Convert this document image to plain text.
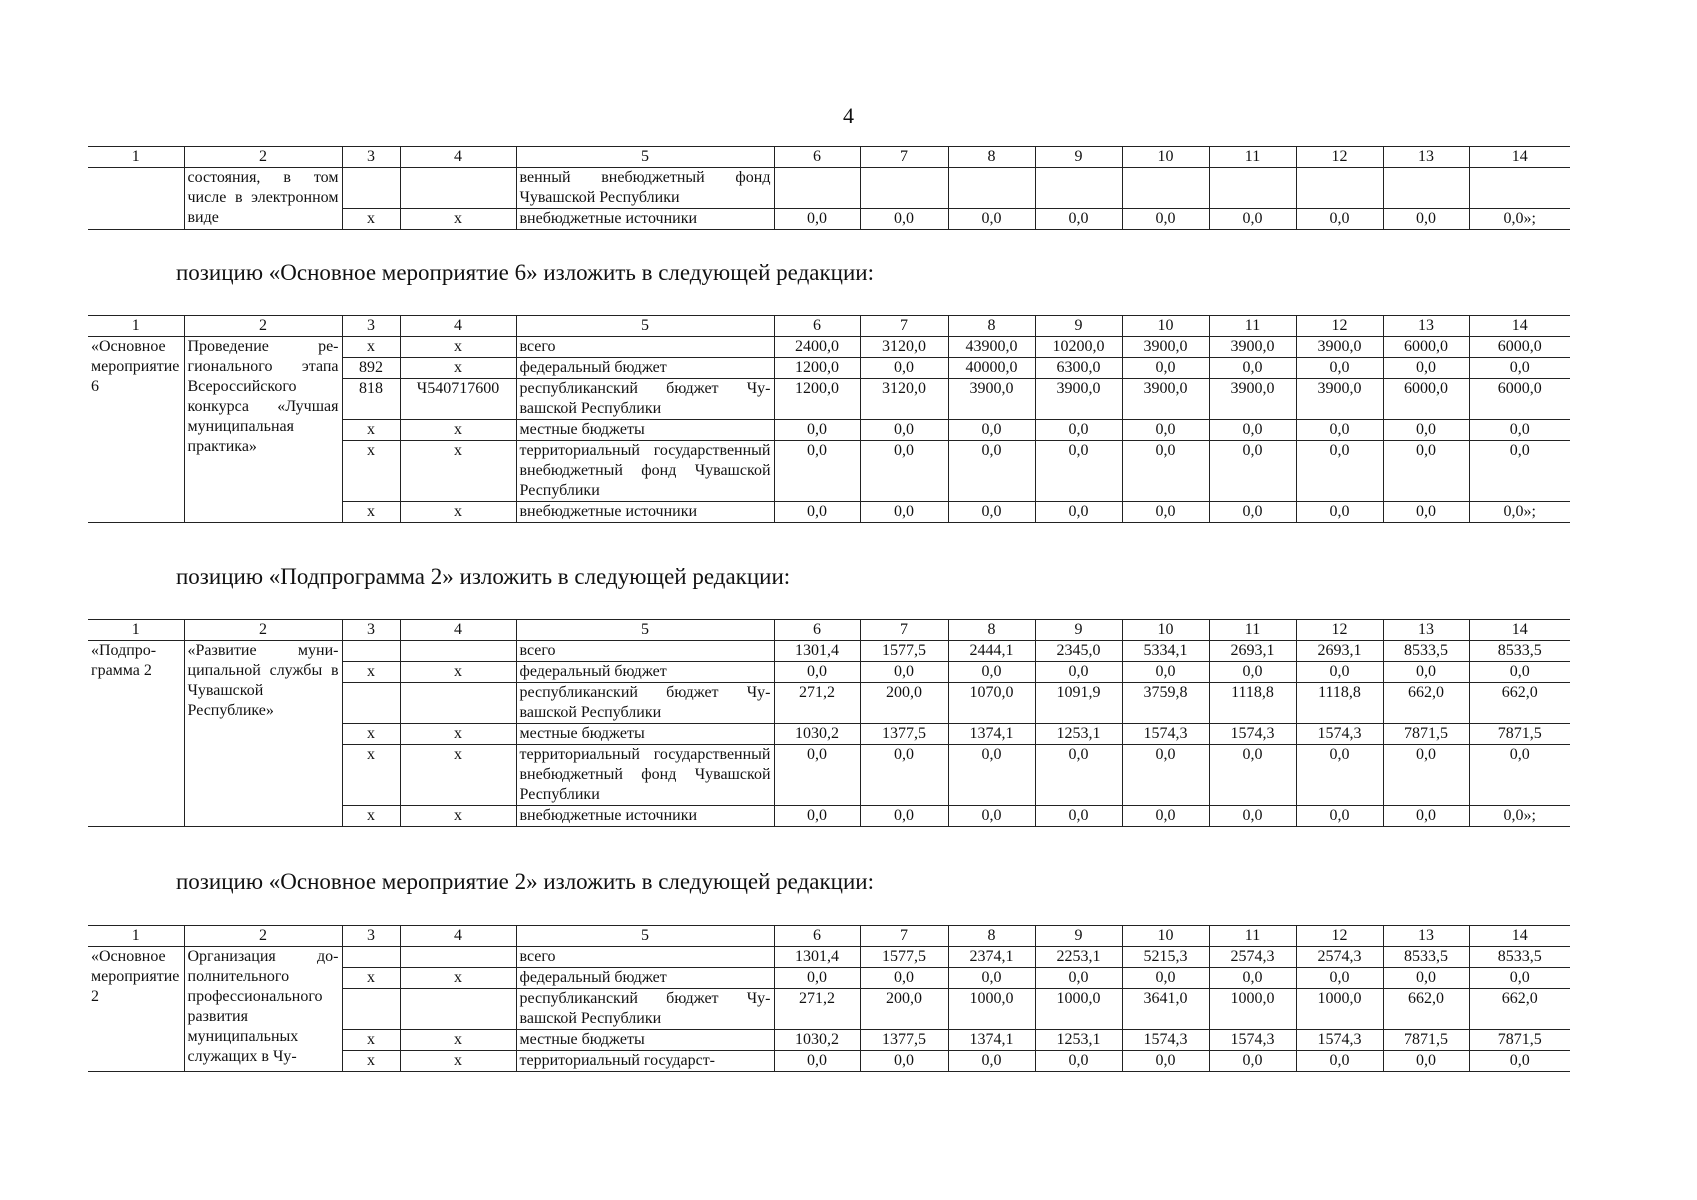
4
1	2	3	4	5	6	7	8	9	10	11	12	13	14
	состояния, в том числе в электронном виде			венный внебюджетный фонд Чувашской Республики									
		х	х	внебюджетные источники	0,0	0,0	0,0	0,0	0,0	0,0	0,0	0,0	0,0»;
позицию «Основное мероприятие 6» изложить в следующей редакции:
1	2	3	4	5	6	7	8	9	10	11	12	13	14
«Основное мероприятие 6	Проведение регионального этапа Всероссийского конкурса «Лучшая муниципальная практика»	х	х	всего	2400,0	3120,0	43900,0	10200,0	3900,0	3900,0	3900,0	6000,0	6000,0
		892	х	федеральный бюджет	1200,0	0,0	40000,0	6300,0	0,0	0,0	0,0	0,0	0,0
		818	Ч540717600	республиканский бюджет Чувашской Республики	1200,0	3120,0	3900,0	3900,0	3900,0	3900,0	3900,0	6000,0	6000,0
		х	х	местные бюджеты	0,0	0,0	0,0	0,0	0,0	0,0	0,0	0,0	0,0
		х	х	территориальный государственный внебюджетный фонд Чувашской Республики	0,0	0,0	0,0	0,0	0,0	0,0	0,0	0,0	0,0
		х	х	внебюджетные источники	0,0	0,0	0,0	0,0	0,0	0,0	0,0	0,0	0,0»;
позицию «Подпрограмма 2» изложить в следующей редакции:
1	2	3	4	5	6	7	8	9	10	11	12	13	14
«Подпрограмма 2	«Развитие муниципальной службы в Чувашской Республике»			всего	1301,4	1577,5	2444,1	2345,0	5334,1	2693,1	2693,1	8533,5	8533,5
		х	х	федеральный бюджет	0,0	0,0	0,0	0,0	0,0	0,0	0,0	0,0	0,0
				республиканский бюджет Чувашской Республики	271,2	200,0	1070,0	1091,9	3759,8	1118,8	1118,8	662,0	662,0
		х	х	местные бюджеты	1030,2	1377,5	1374,1	1253,1	1574,3	1574,3	1574,3	7871,5	7871,5
		х	х	территориальный государственный внебюджетный фонд Чувашской Республики	0,0	0,0	0,0	0,0	0,0	0,0	0,0	0,0	0,0
		х	х	внебюджетные источники	0,0	0,0	0,0	0,0	0,0	0,0	0,0	0,0	0,0»;
позицию «Основное мероприятие 2» изложить в следующей редакции:
1	2	3	4	5	6	7	8	9	10	11	12	13	14
«Основное мероприятие 2	Организация дополнительного профессионального развития муниципальных служащих в Чу-			всего	1301,4	1577,5	2374,1	2253,1	5215,3	2574,3	2574,3	8533,5	8533,5
		х	х	федеральный бюджет	0,0	0,0	0,0	0,0	0,0	0,0	0,0	0,0	0,0
				республиканский бюджет Чувашской Республики	271,2	200,0	1000,0	1000,0	3641,0	1000,0	1000,0	662,0	662,0
		х	х	местные бюджеты	1030,2	1377,5	1374,1	1253,1	1574,3	1574,3	1574,3	7871,5	7871,5
		х	х	территориальный государст-	0,0	0,0	0,0	0,0	0,0	0,0	0,0	0,0	0,0
